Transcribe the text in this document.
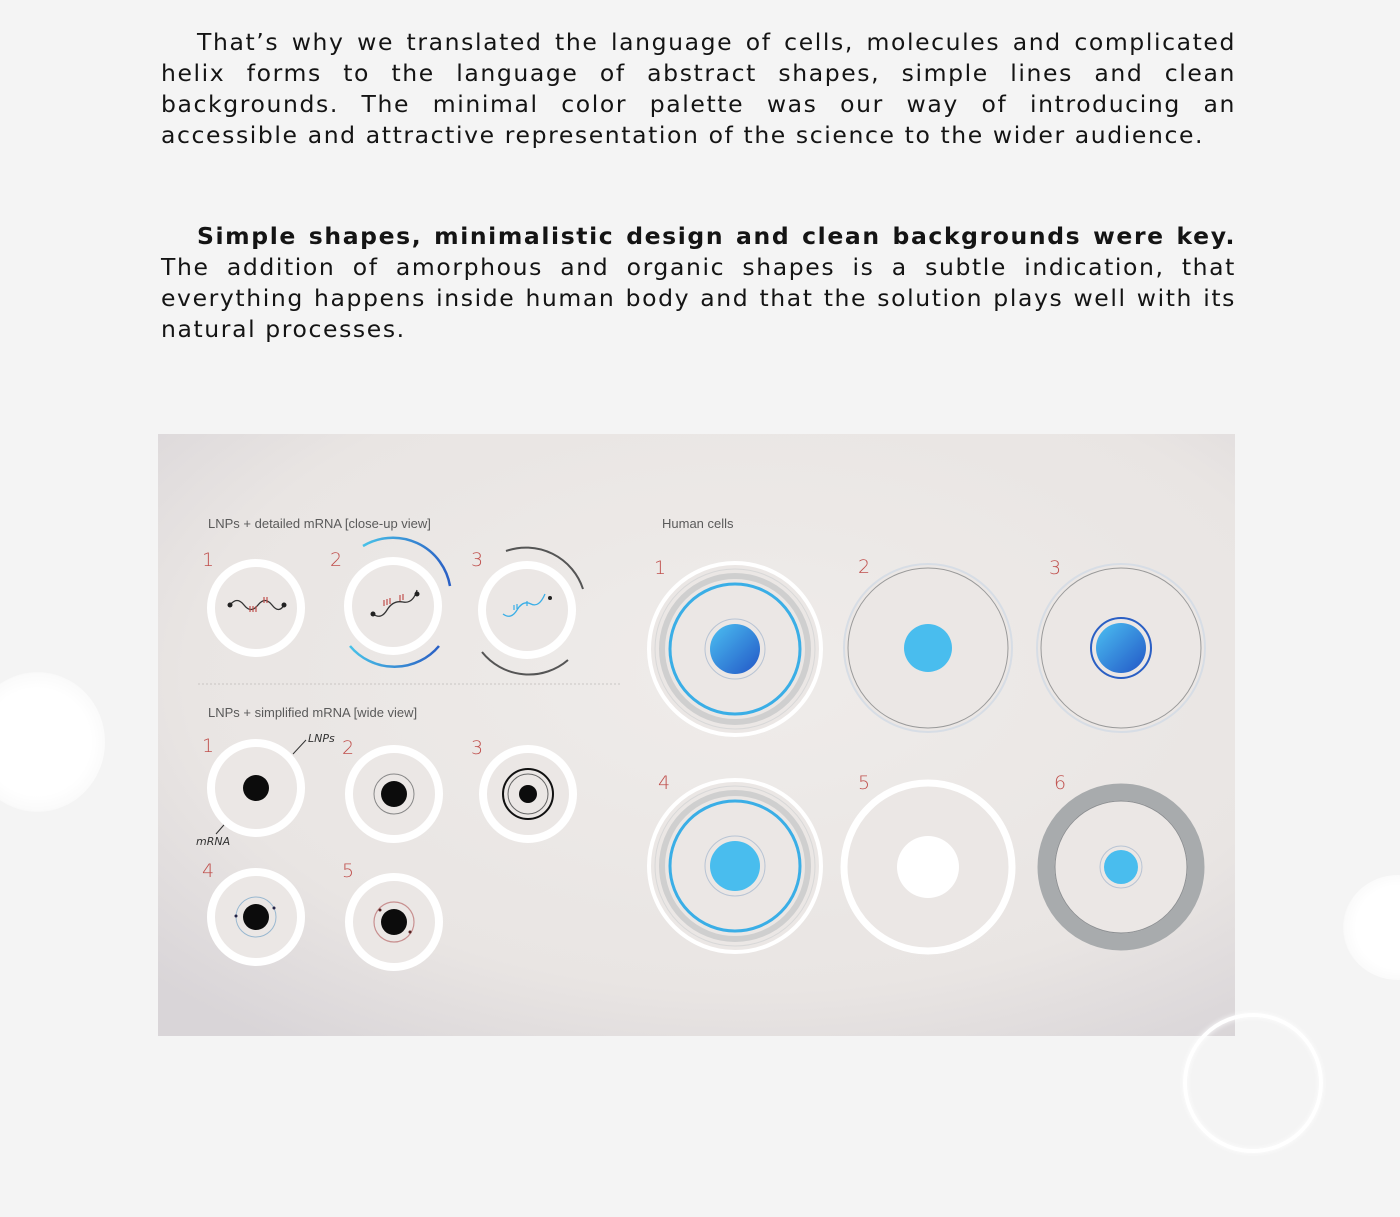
That’s why we translated the language of cells, molecules and complicated helix forms to the language of abstract shapes, simple lines and clean backgrounds. The minimal color palette was our way of introducing an accessible and attractive representation of the science to the wider audience.

Simple shapes, minimalistic design and clean backgrounds were key. The addition of amorphous and organic shapes is a subtle indication, that everything happens inside human body and that the solution plays well with its natural processes.

LNPs + detailed mRNA [close-up view]
LNPs + simplified mRNA [wide view]
Human cells
1	2	3
1	2	3
4	5
LNPs
mRNA
1	2	3
4	5	6
